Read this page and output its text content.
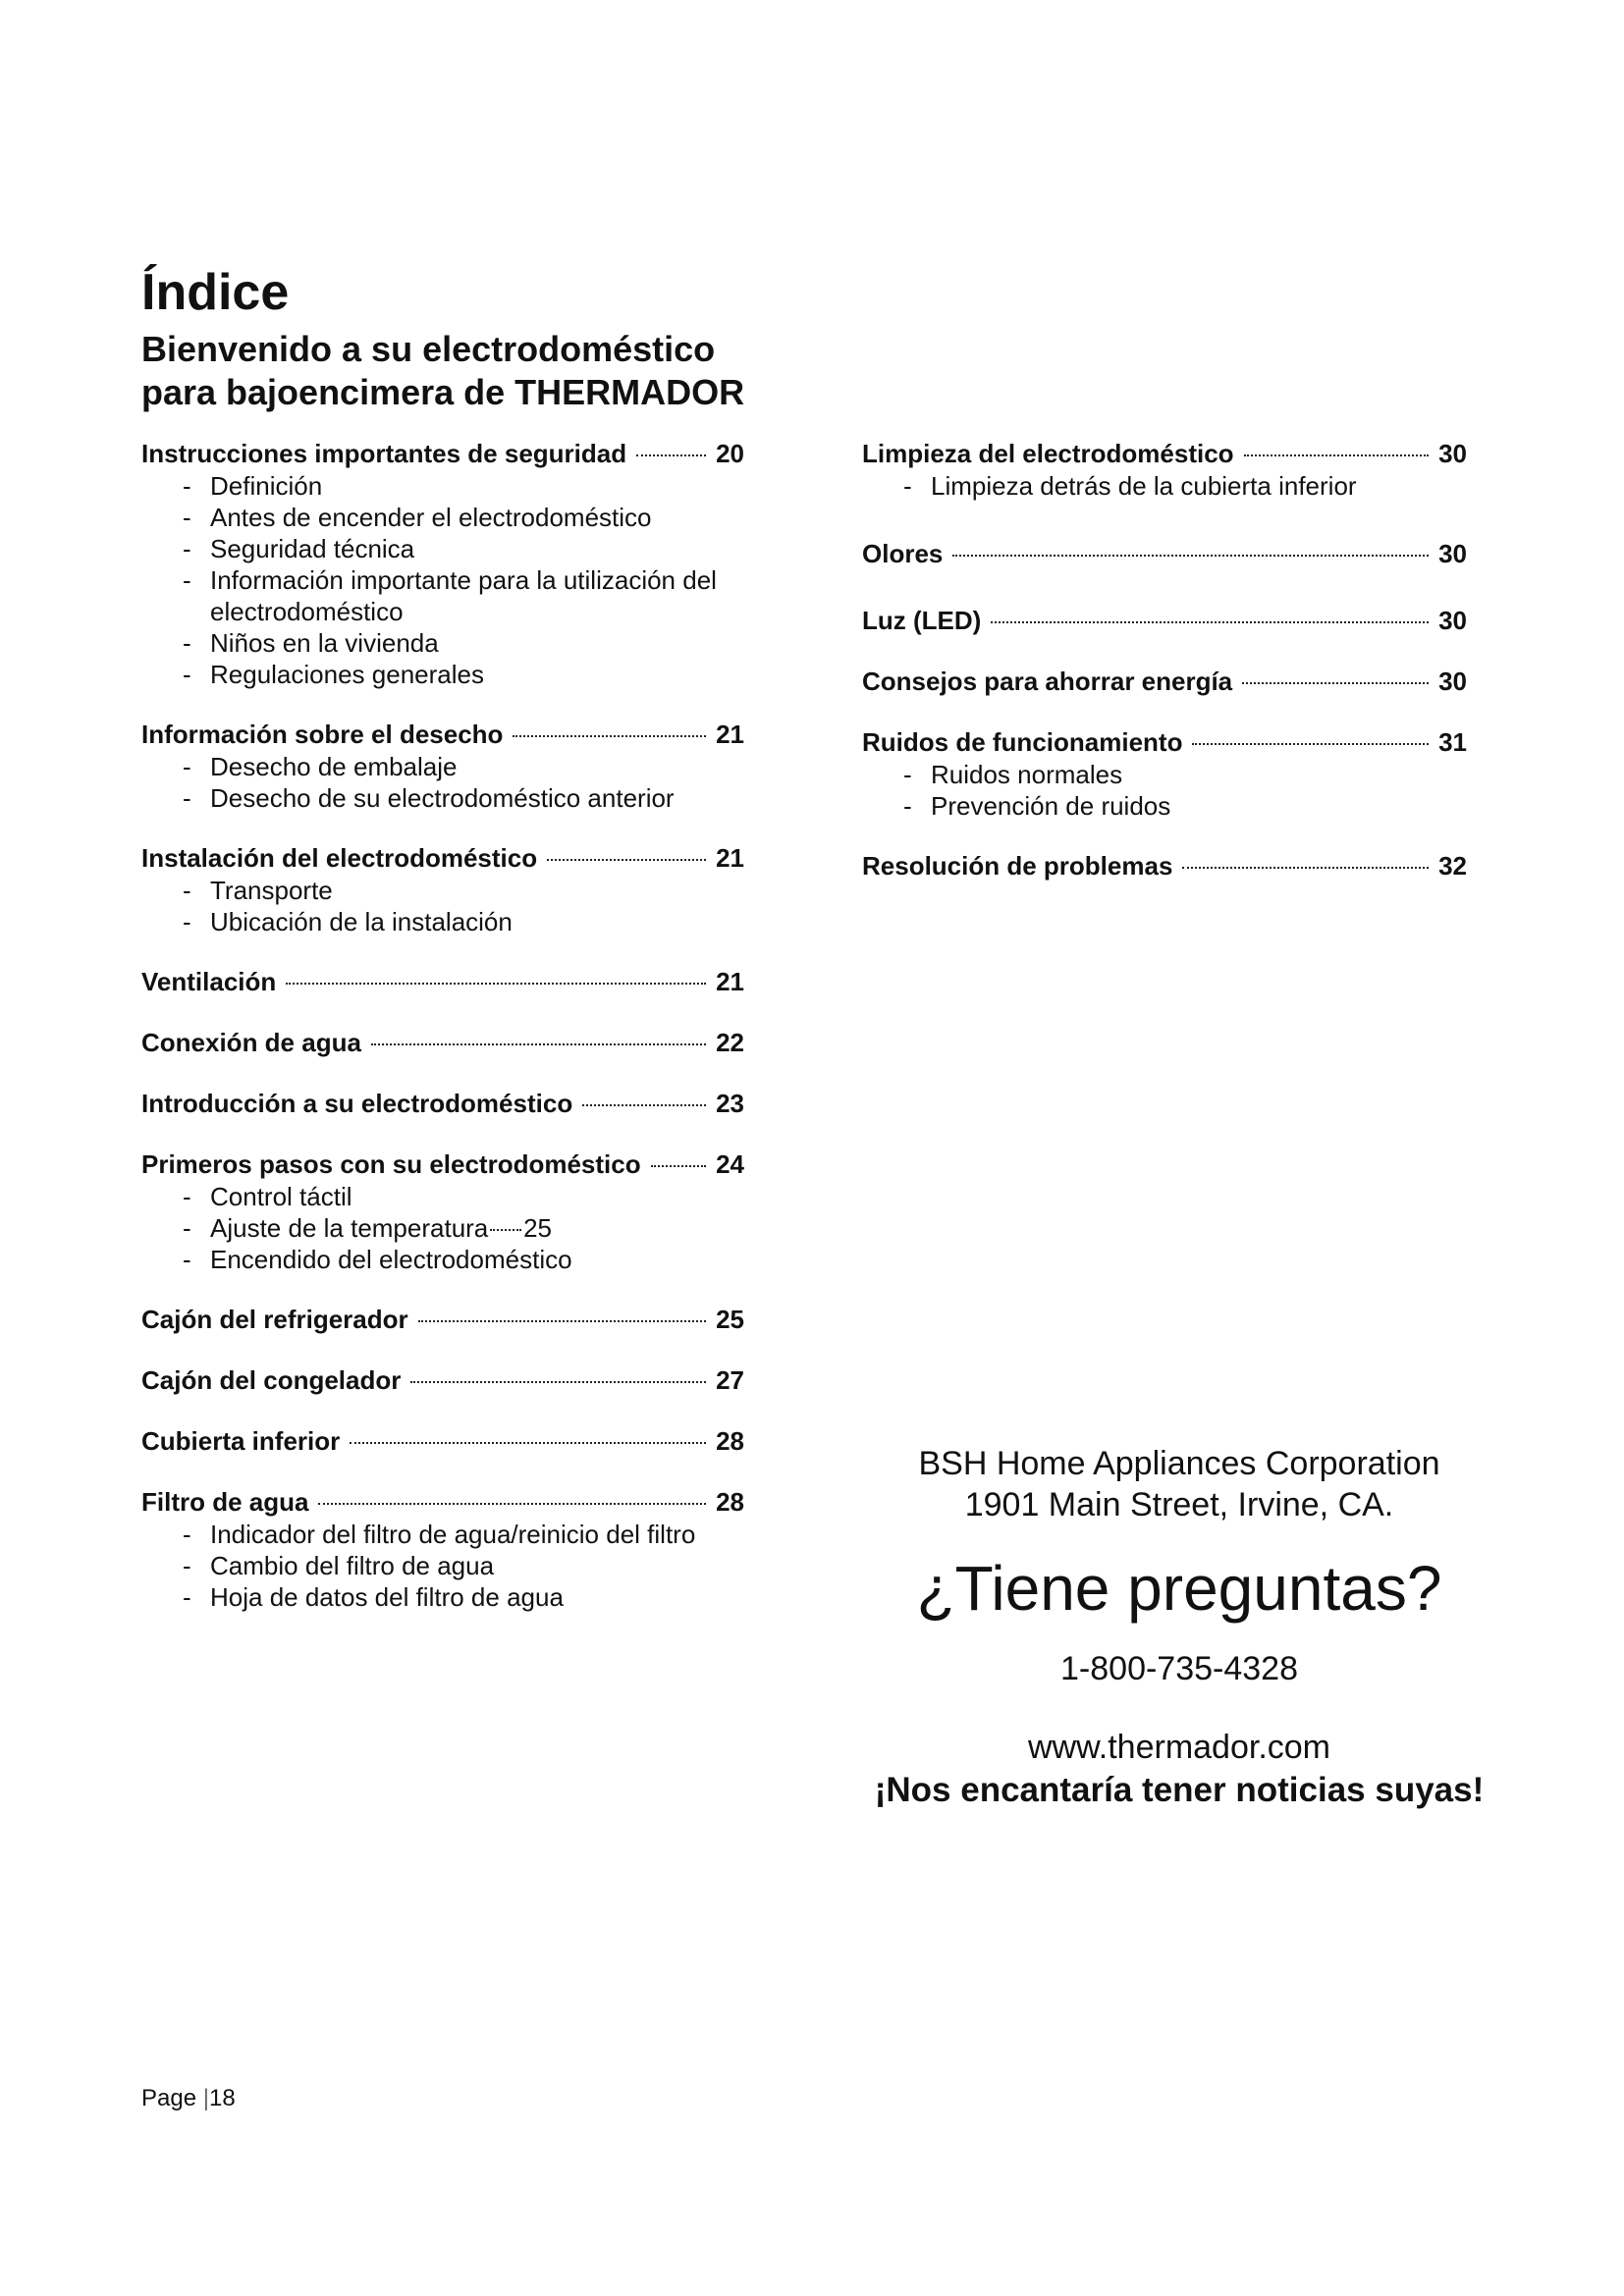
Índice
Bienvenido a su electrodoméstico
para bajoencimera de THERMADOR
Instrucciones importantes de seguridad	20
- Definición
- Antes de encender el electrodoméstico
- Seguridad técnica
- Información importante para la utilización del electrodoméstico
- Niños en la vivienda
- Regulaciones generales
Información sobre el desecho	21
- Desecho de embalaje
- Desecho de su electrodoméstico anterior
Instalación del electrodoméstico	21
- Transporte
- Ubicación de la instalación
Ventilación	21
Conexión de agua	22
Introducción a su electrodoméstico	23
Primeros pasos con su electrodoméstico	24
- Control táctil
- Ajuste de la temperatura 25
- Encendido del electrodoméstico
Cajón del refrigerador	25
Cajón del congelador	27
Cubierta inferior	28
Filtro de agua	28
- Indicador del filtro de agua/reinicio del filtro
- Cambio del filtro de agua
- Hoja de datos del filtro de agua
Limpieza del electrodoméstico	30
- Limpieza detrás de la cubierta inferior
Olores	30
Luz (LED)	30
Consejos para ahorrar energía	30
Ruidos de funcionamiento	31
- Ruidos normales
- Prevención de ruidos
Resolución de problemas	32
BSH Home Appliances Corporation
1901 Main Street, Irvine, CA.
¿Tiene preguntas?
1-800-735-4328
www.thermador.com
¡Nos encantaría tener noticias suyas!
Page |18
